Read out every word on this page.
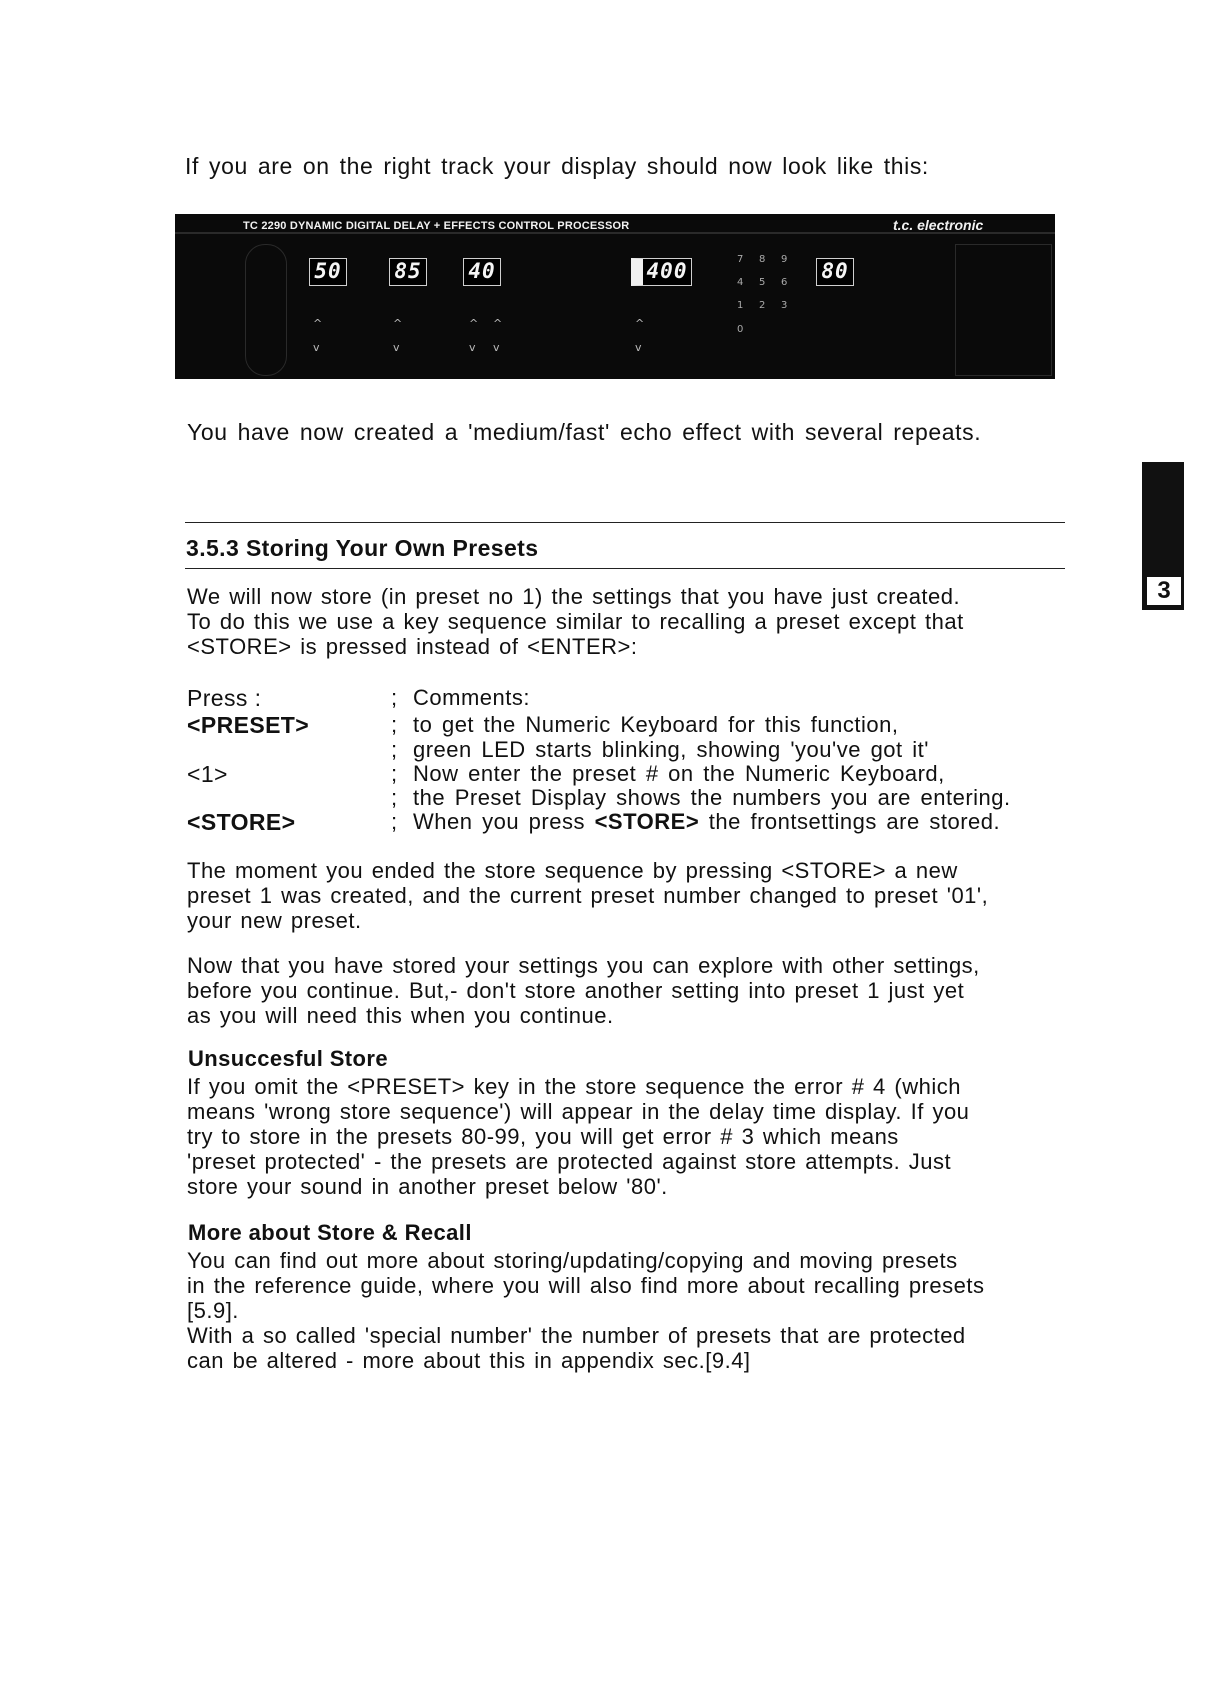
If you are on the right track your display should now look like this:
TC 2290 DYNAMIC DIGITAL DELAY + EFFECTS CONTROL PROCESSOR	t.c. electronic
50	85 40	400	80
7 8 9
4 5 6
1 2 3
0
^
v
^
v
^
v
^
v
^
v
You have now created a 'medium/fast' echo effect with several repeats.
3
3.5.3 Storing Your Own Presets
We will now store (in preset no 1) the settings that you have just created.
To do this we use a key sequence similar to recalling a preset except that
<STORE> is pressed instead of <ENTER>:
Press :	; Comments:
<PRESET>	; to get the Numeric Keyboard for this function,
; green LED starts blinking, showing 'you've got it'
<1>	; Now enter the preset # on the Numeric Keyboard,
; the Preset Display shows the numbers you are entering.
<STORE>	; When you press <STORE> the frontsettings are stored.
The moment you ended the store sequence by pressing <STORE> a new
preset 1 was created, and the current preset number changed to preset '01',
your new preset.
Now that you have stored your settings you can explore with other settings,
before you continue. But,- don't store another setting into preset 1 just yet
as you will need this when you continue.
Unsuccesful Store
If you omit the <PRESET> key in the store sequence the error # 4 (which
means 'wrong store sequence') will appear in the delay time display. If you
try to store in the presets 80-99, you will get error # 3 which means
'preset protected' - the presets are protected against store attempts. Just
store your sound in another preset below '80'.
More about Store & Recall
You can find out more about storing/updating/copying and moving presets
in the reference guide, where you will also find more about recalling presets
[5.9].
With a so called 'special number' the number of presets that are protected
can be altered - more about this in appendix sec.[9.4]
